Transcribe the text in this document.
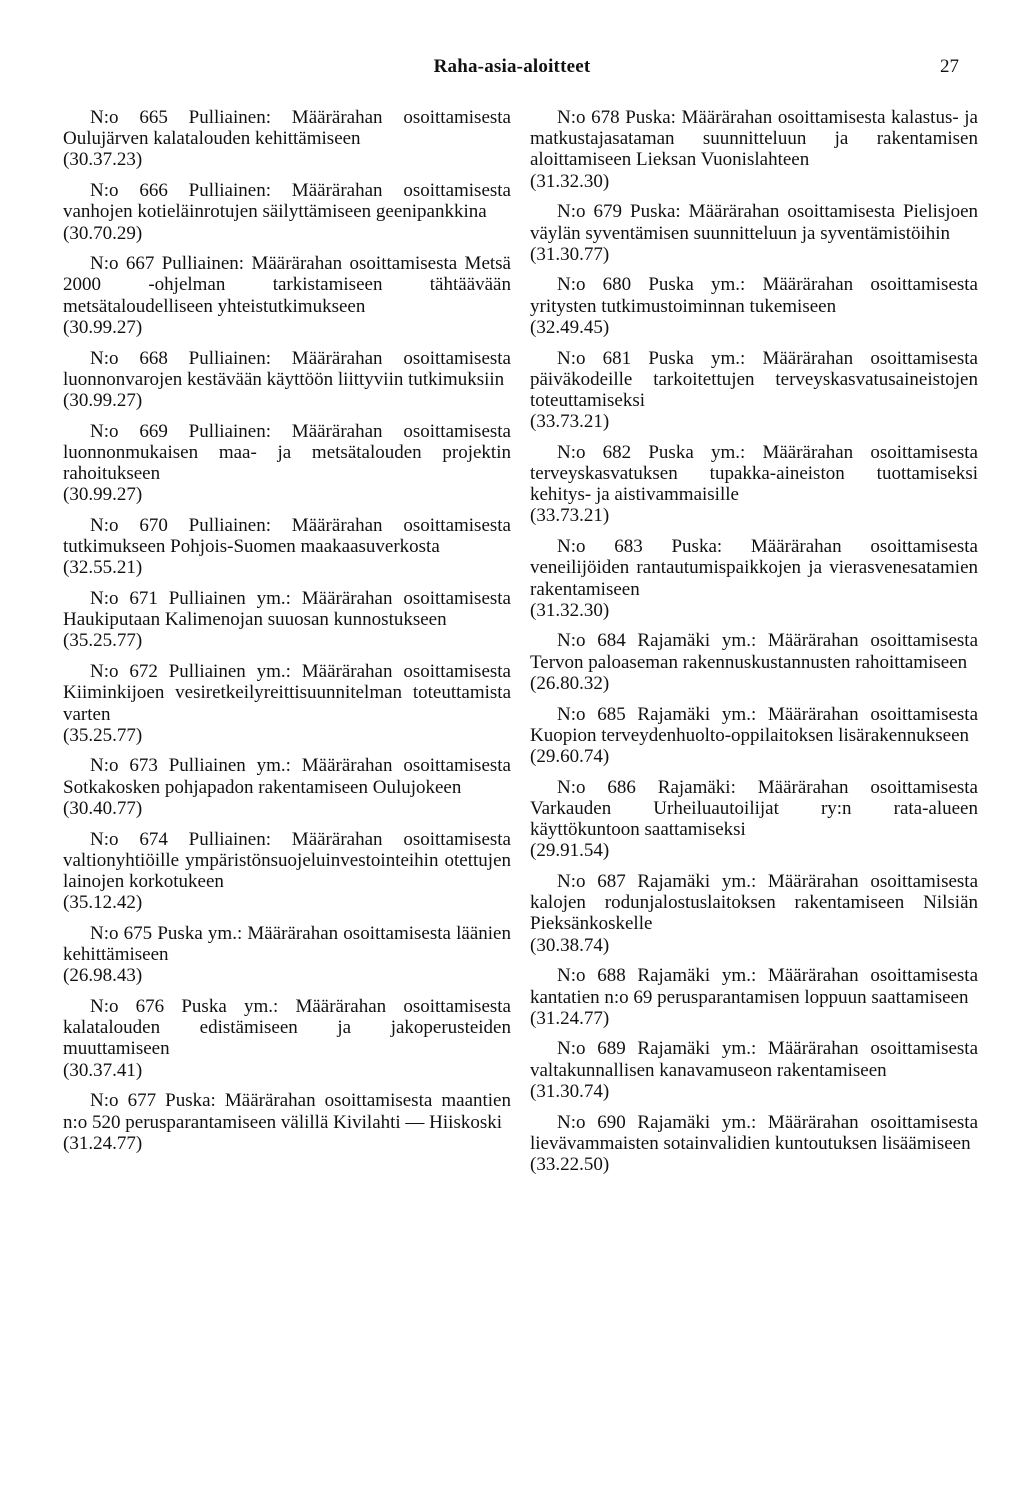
Raha-asia-aloitteet	27

N:o 665 Pulliainen: Määrärahan osoittamisesta Oulujärven kalatalouden kehittämiseen

(30.37.23)

N:o 666 Pulliainen: Määrärahan osoittamisesta vanhojen kotieläinrotujen säilyttämiseen geenipankkina

(30.70.29)

N:o 667 Pulliainen: Määrärahan osoittamisesta Metsä 2000 -ohjelman tarkistamiseen tähtäävään metsätaloudelliseen yhteistutkimukseen

(30.99.27)

N:o 668 Pulliainen: Määrärahan osoittamisesta luonnonvarojen kestävään käyttöön liittyviin tutkimuksiin

(30.99.27)

N:o 669 Pulliainen: Määrärahan osoittamisesta luonnonmukaisen maa- ja metsätalouden projektin rahoitukseen

(30.99.27)

N:o 670 Pulliainen: Määrärahan osoittamisesta tutkimukseen Pohjois-Suomen maakaasuverkosta

(32.55.21)

N:o 671 Pulliainen ym.: Määrärahan osoittamisesta Haukiputaan Kalimenojan suuosan kunnostukseen

(35.25.77)

N:o 672 Pulliainen ym.: Määrärahan osoittamisesta Kiiminkijoen vesiretkeilyreittisuunnitelman toteuttamista varten

(35.25.77)

N:o 673 Pulliainen ym.: Määrärahan osoittamisesta Sotkakosken pohjapadon rakentamiseen Oulujokeen

(30.40.77)

N:o 674 Pulliainen: Määrärahan osoittamisesta valtionyhtiöille ympäristönsuojeluinvestointeihin otettujen lainojen korkotukeen

(35.12.42)

N:o 675 Puska ym.: Määrärahan osoittamisesta läänien kehittämiseen

(26.98.43)

N:o 676 Puska ym.: Määrärahan osoittamisesta kalatalouden edistämiseen ja jakoperusteiden muuttamiseen

(30.37.41)

N:o 677 Puska: Määrärahan osoittamisesta maantien n:o 520 perusparantamiseen välillä Kivilahti — Hiiskoski

(31.24.77)

N:o 678 Puska: Määrärahan osoittamisesta kalastus- ja matkustajasataman suunnitteluun ja rakentamisen aloittamiseen Lieksan Vuonislahteen

(31.32.30)

N:o 679 Puska: Määrärahan osoittamisesta Pielisjoen väylän syventämisen suunnitteluun ja syventämistöihin

(31.30.77)

N:o 680 Puska ym.: Määrärahan osoittamisesta yritysten tutkimustoiminnan tukemiseen

(32.49.45)

N:o 681 Puska ym.: Määrärahan osoittamisesta päiväkodeille tarkoitettujen terveyskasvatusaineistojen toteuttamiseksi

(33.73.21)

N:o 682 Puska ym.: Määrärahan osoittamisesta terveyskasvatuksen tupakka-aineiston tuottamiseksi kehitys- ja aistivammaisille

(33.73.21)

N:o 683 Puska: Määrärahan osoittamisesta veneilijöiden rantautumispaikkojen ja vierasvenesatamien rakentamiseen

(31.32.30)

N:o 684 Rajamäki ym.: Määrärahan osoittamisesta Tervon paloaseman rakennuskustannusten rahoittamiseen

(26.80.32)

N:o 685 Rajamäki ym.: Määrärahan osoittamisesta Kuopion terveydenhuolto-oppilaitoksen lisärakennukseen

(29.60.74)

N:o 686 Rajamäki: Määrärahan osoittamisesta Varkauden Urheiluautoilijat ry:n rata-alueen käyttökuntoon saattamiseksi

(29.91.54)

N:o 687 Rajamäki ym.: Määrärahan osoittamisesta kalojen rodunjalostuslaitoksen rakentamiseen Nilsiän Pieksänkoskelle

(30.38.74)

N:o 688 Rajamäki ym.: Määrärahan osoittamisesta kantatien n:o 69 perusparantamisen loppuun saattamiseen

(31.24.77)

N:o 689 Rajamäki ym.: Määrärahan osoittamisesta valtakunnallisen kanavamuseon rakentamiseen

(31.30.74)

N:o 690 Rajamäki ym.: Määrärahan osoittamisesta lievävammaisten sotainvalidien kuntoutuksen lisäämiseen

(33.22.50)
